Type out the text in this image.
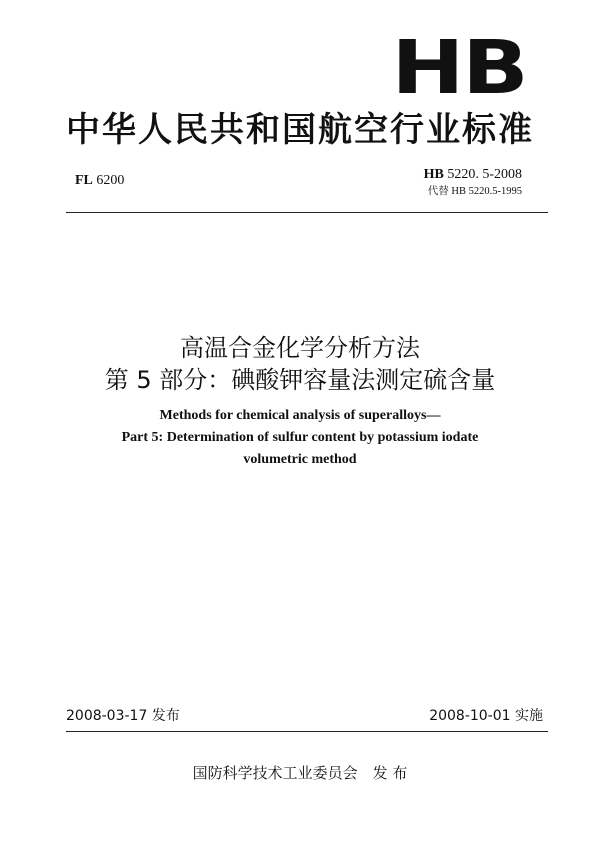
HB
中华人民共和国航空行业标准
FL 6200	HB 5220. 5-2008
代替 HB 5220.5-1995
高温合金化学分析方法
第 5 部分：碘酸钾容量法测定硫含量
Methods for chemical analysis of superalloys—
Part 5: Determination of sulfur content by potassium iodate
volumetric method
2008-03-17 发布	2008-10-01 实施
国防科学技术工业委员会　发 布
